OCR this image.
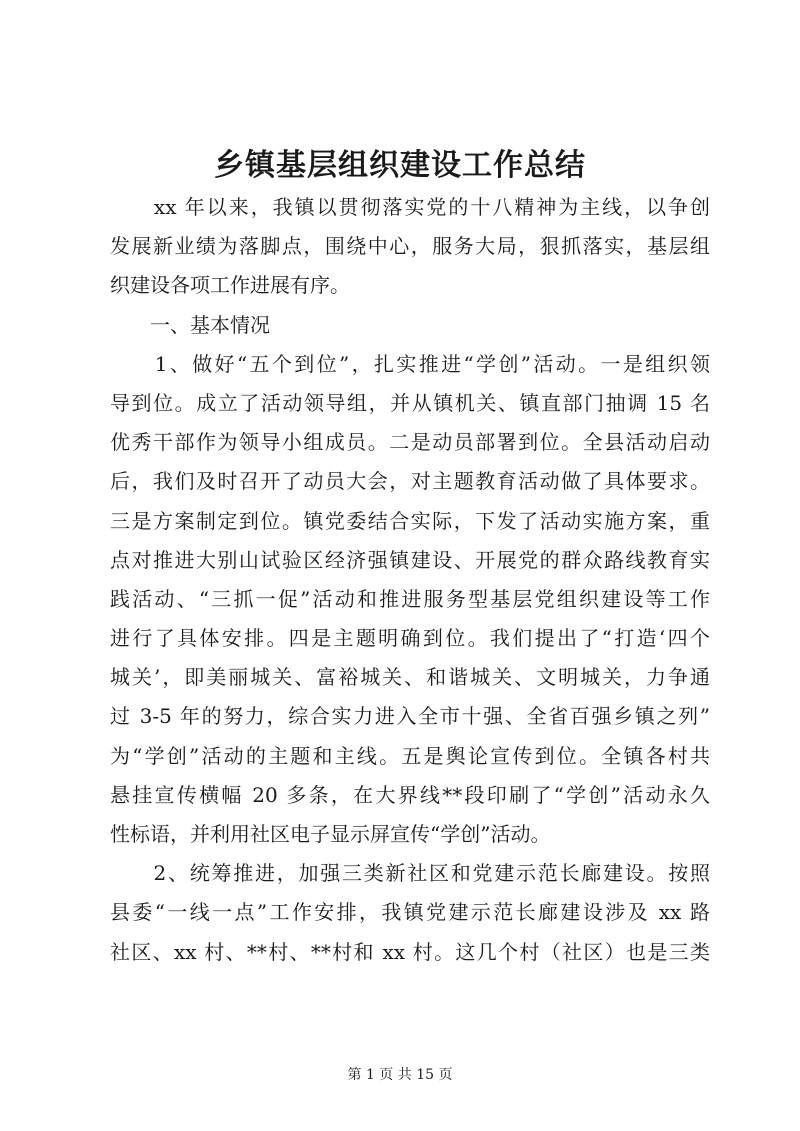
乡镇基层组织建设工作总结
　　xx 年以来，我镇以贯彻落实党的十八精神为主线，以争创
发展新业绩为落脚点，围绕中心，服务大局，狠抓落实，基层组
织建设各项工作进展有序。
　　一、基本情况
　　1、做好“五个到位”，扎实推进“学创”活动。一是组织领
导到位。成立了活动领导组，并从镇机关、镇直部门抽调 15 名
优秀干部作为领导小组成员。二是动员部署到位。全县活动启动
后，我们及时召开了动员大会，对主题教育活动做了具体要求。
三是方案制定到位。镇党委结合实际，下发了活动实施方案，重
点对推进大别山试验区经济强镇建设、开展党的群众路线教育实
践活动、“三抓一促”活动和推进服务型基层党组织建设等工作
进行了具体安排。四是主题明确到位。我们提出了“打造‘四个
城关’，即美丽城关、富裕城关、和谐城关、文明城关，力争通
过 3-5 年的努力，综合实力进入全市十强、全省百强乡镇之列”
为“学创”活动的主题和主线。五是舆论宣传到位。全镇各村共
悬挂宣传横幅 20 多条，在大界线**段印刷了“学创”活动永久
性标语，并利用社区电子显示屏宣传“学创”活动。
　　2、统筹推进，加强三类新社区和党建示范长廊建设。按照
县委“一线一点”工作安排，我镇党建示范长廊建设涉及 xx 路
社区、xx 村、**村、**村和 xx 村。这几个村（社区）也是三类
第 1 页 共 15 页
